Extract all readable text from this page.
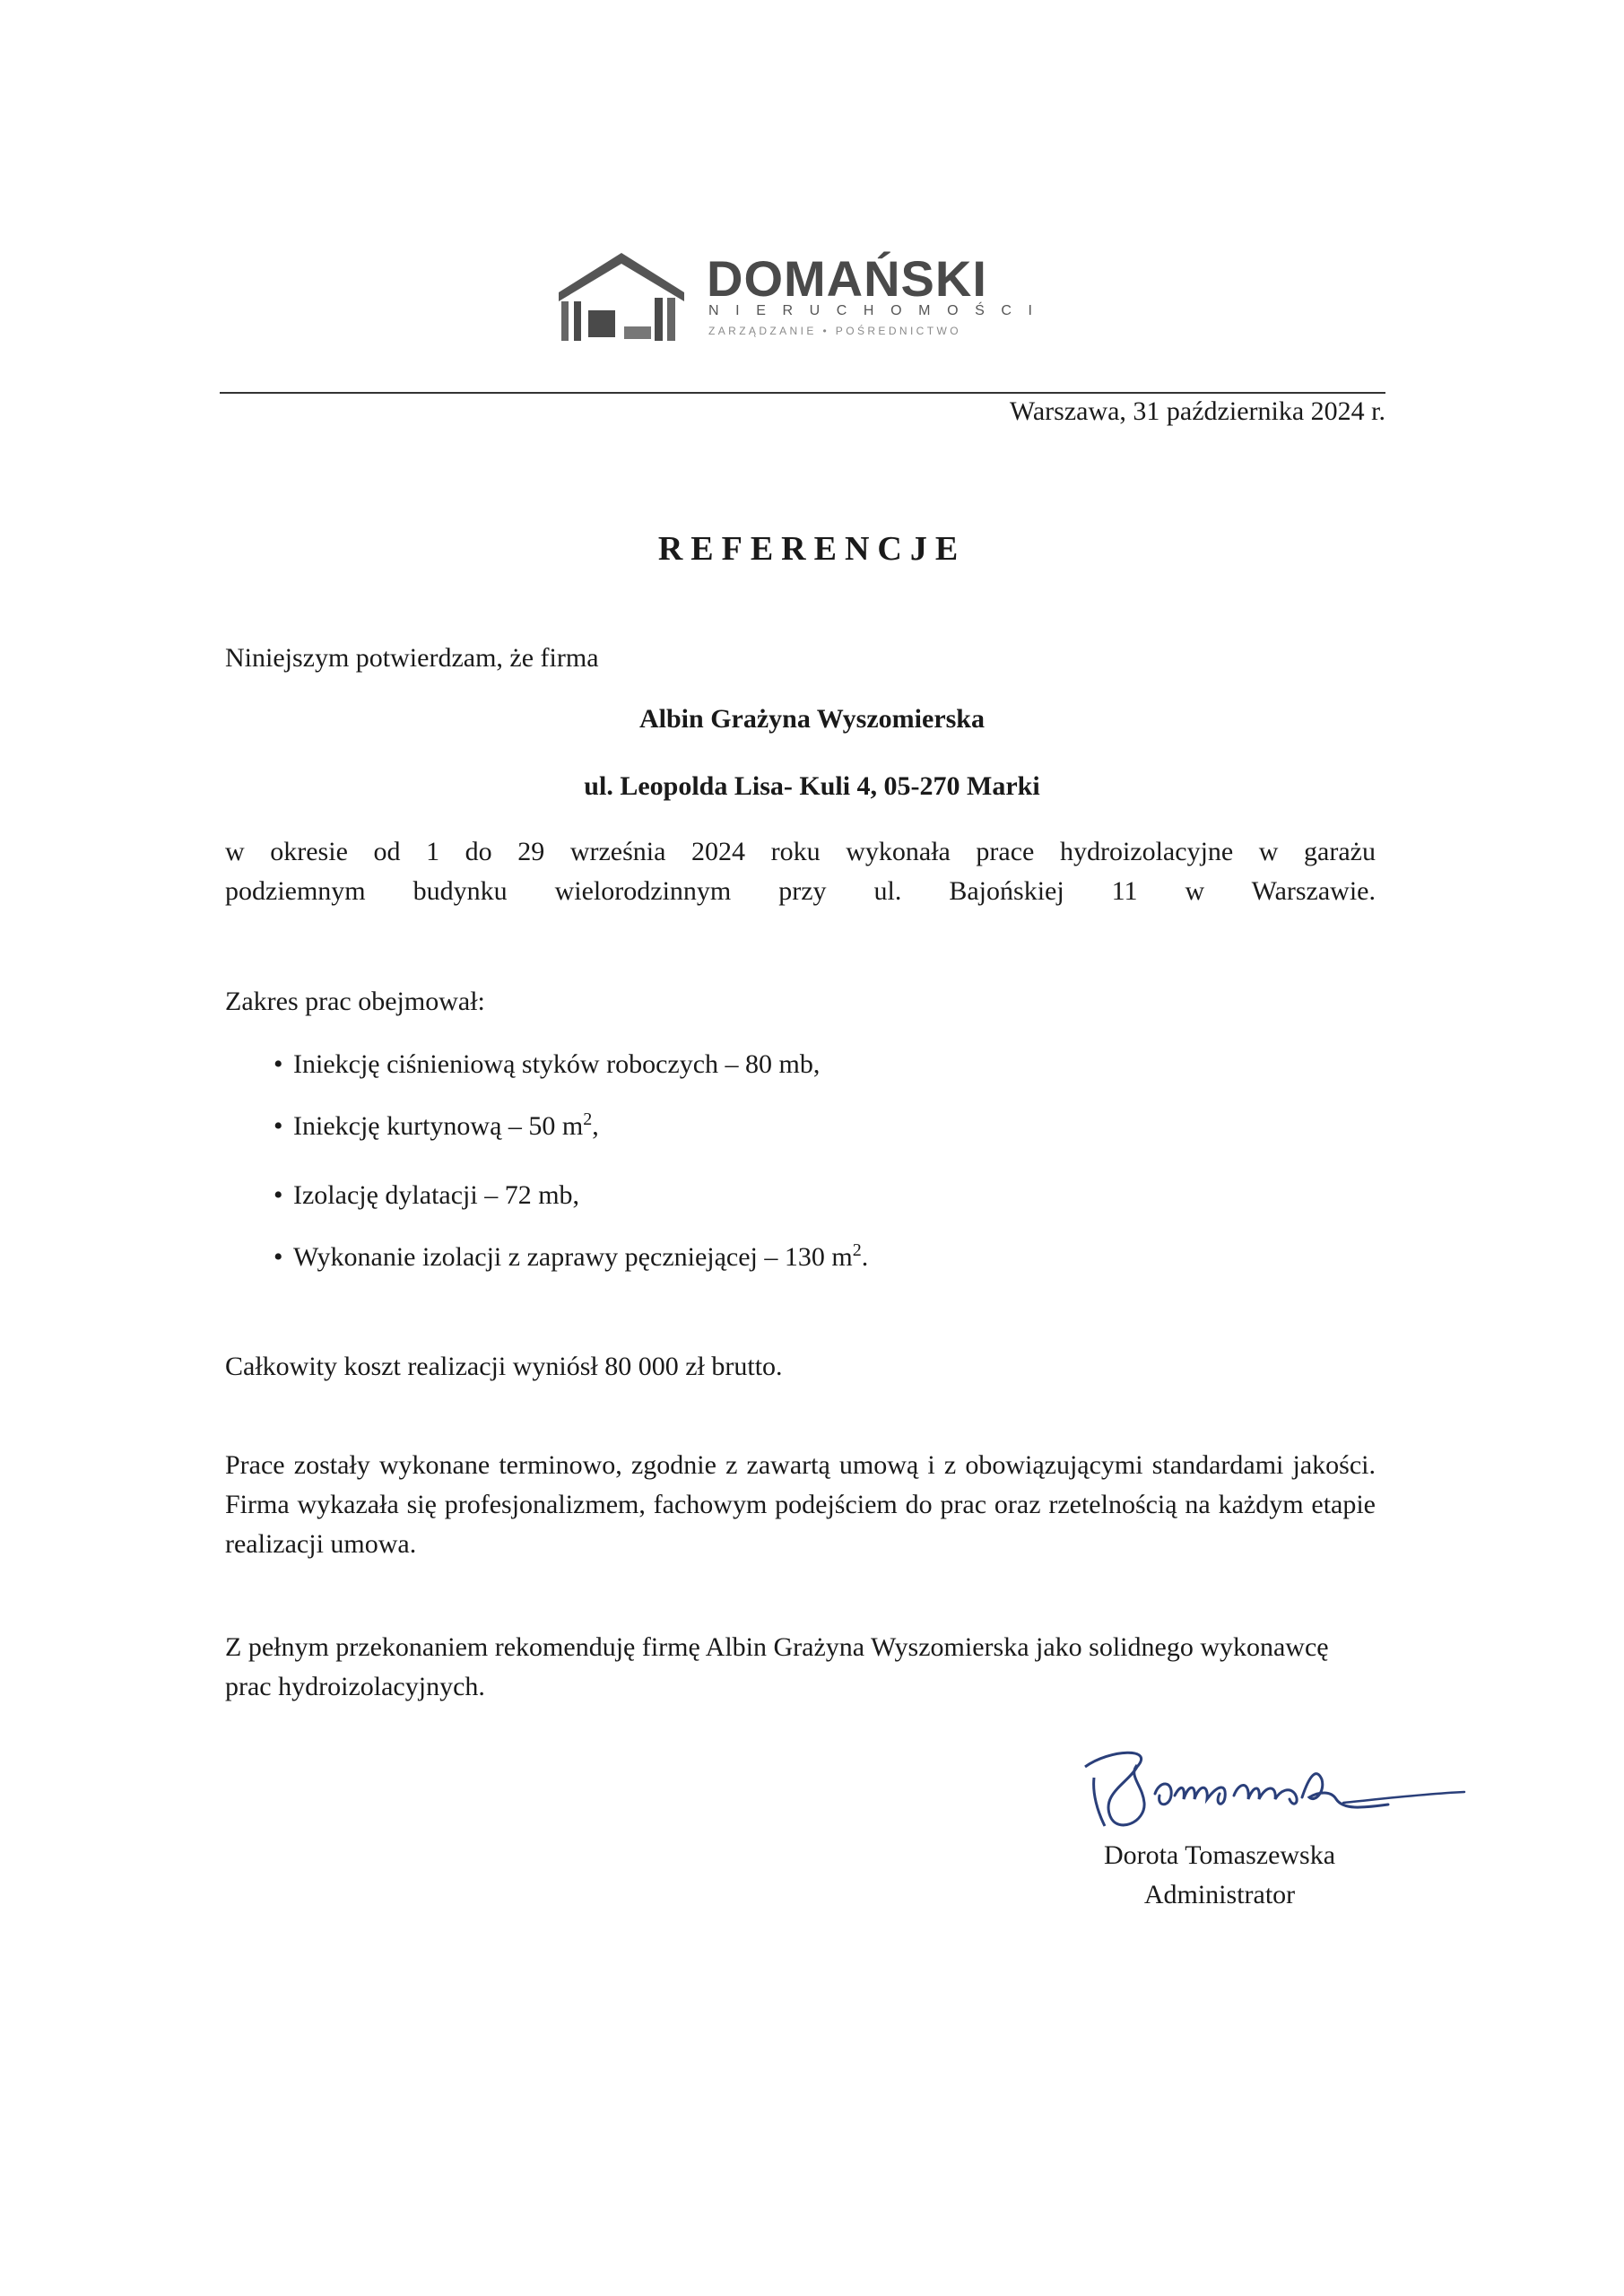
DOMAŃSKI
NIERUCHOMOŚCI
ZARZĄDZANIE • POŚREDNICTWO
Warszawa, 31 października 2024 r.
REFERENCJE
Niniejszym potwierdzam, że firma
Albin Grażyna Wyszomierska
ul. Leopolda Lisa- Kuli 4, 05-270 Marki
w okresie od 1 do 29 września 2024 roku wykonała prace hydroizolacyjne w garażu
podziemnym budynku wielorodzinnym przy ul. Bajońskiej 11 w Warszawie.
Zakres prac obejmował:
• Iniekcję ciśnieniową styków roboczych – 80 mb,
• Iniekcję kurtynową – 50 $m^2$,
• Izolację dylatacji – 72 mb,
• Wykonanie izolacji z zaprawy pęczniejącej – 130 $m^2$.
Całkowity koszt realizacji wyniósł 80 000 zł brutto.
Prace zostały wykonane terminowo, zgodnie z zawartą umową i z obowiązującymi standardami jakości. Firma wykazała się profesjonalizmem, fachowym podejściem do prac oraz rzetelnością na każdym etapie realizacji umowa.
Z pełnym przekonaniem rekomenduję firmę Albin Grażyna Wyszomierska jako solidnego wykonawcę prac hydroizolacyjnych.
Dorota Tomaszewska
Administrator
